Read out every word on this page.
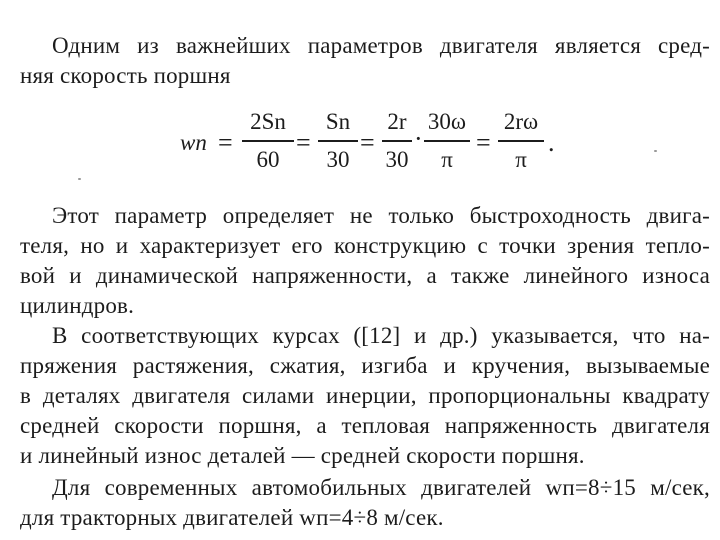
Одним из важнейших параметров двигателя является сред-
няя скорость поршня
wп =
2Sn
60
=
Sn
30
=
2r
30
·
30ω
π
=
2rω
π
.
Этот параметр определяет не только быстроходность двига-
теля, но и характеризует его конструкцию с точки зрения тепло-
вой и динамической напряженности, а также линейного износа
цилиндров.
В соответствующих курсах ([12] и др.) указывается, что на-
пряжения растяжения, сжатия, изгиба и кручения, вызываемые
в деталях двигателя силами инерции, пропорциональны квадрату
средней скорости поршня, а тепловая напряженность двигателя
и линейный износ деталей — средней скорости поршня.
Для современных автомобильных двигателей wп=8÷15 м/сек,
для тракторных двигателей wп=4÷8 м/сек.
